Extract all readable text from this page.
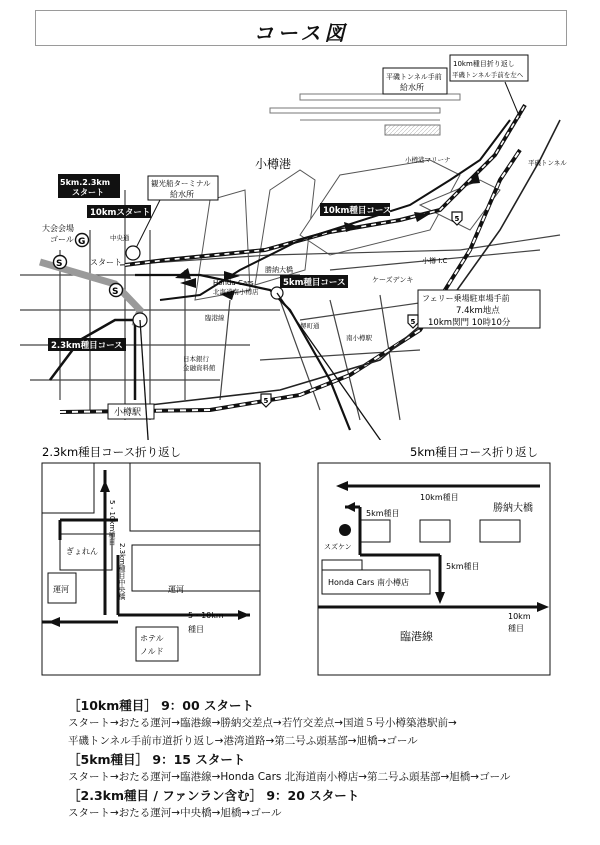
コース図
小樽港	小樽港マリーナ
小樽 I.C
ケーズデンキ
勝納大橋
Honda Cars
北海道南小樽店
日本銀行
金融資料館
臨港線
中央通
南小樽駅
堺町通
平磯トンネル手前
給水所
10km種目折り返し
平磯トンネル手前を左へ
平磯トンネル
観光船ターミナル
給水所
5km.2.3km
スタート
10kmスタート	10km種目コース
5km種目コース
2.3km種目コース
大会会場
ゴール G
スタート
S
S
フェリー乗場駐車場手前
7.4km地点
10km関門 10時10分
5
5
5
小樽駅
2.3km種目コース折り返し
5・10km種目
2.3km種目中央橋
ぎょれん
運河	運河
5・10km
種目
ホテル
ノルド
5km種目コース折り返し
10km種目
勝納大橋
5km種目
スズケン
5km種目
Honda Cars 南小樽店
10km
種目
臨港線

［10km種目］ 9：00 スタート

スタート→おたる運河→臨港線→勝納交差点→若竹交差点→国道５号小樽築港駅前→

平磯トンネル手前市道折り返し→港湾道路→第二号ふ頭基部→旭橋→ゴール

［5km種目］ 9：15 スタート

スタート→おたる運河→臨港線→Honda Cars 北海道南小樽店→第二号ふ頭基部→旭橋→ゴール

［2.3km種目 / ファンラン含む］ 9：20 スタート

スタート→おたる運河→中央橋→旭橋→ゴール
